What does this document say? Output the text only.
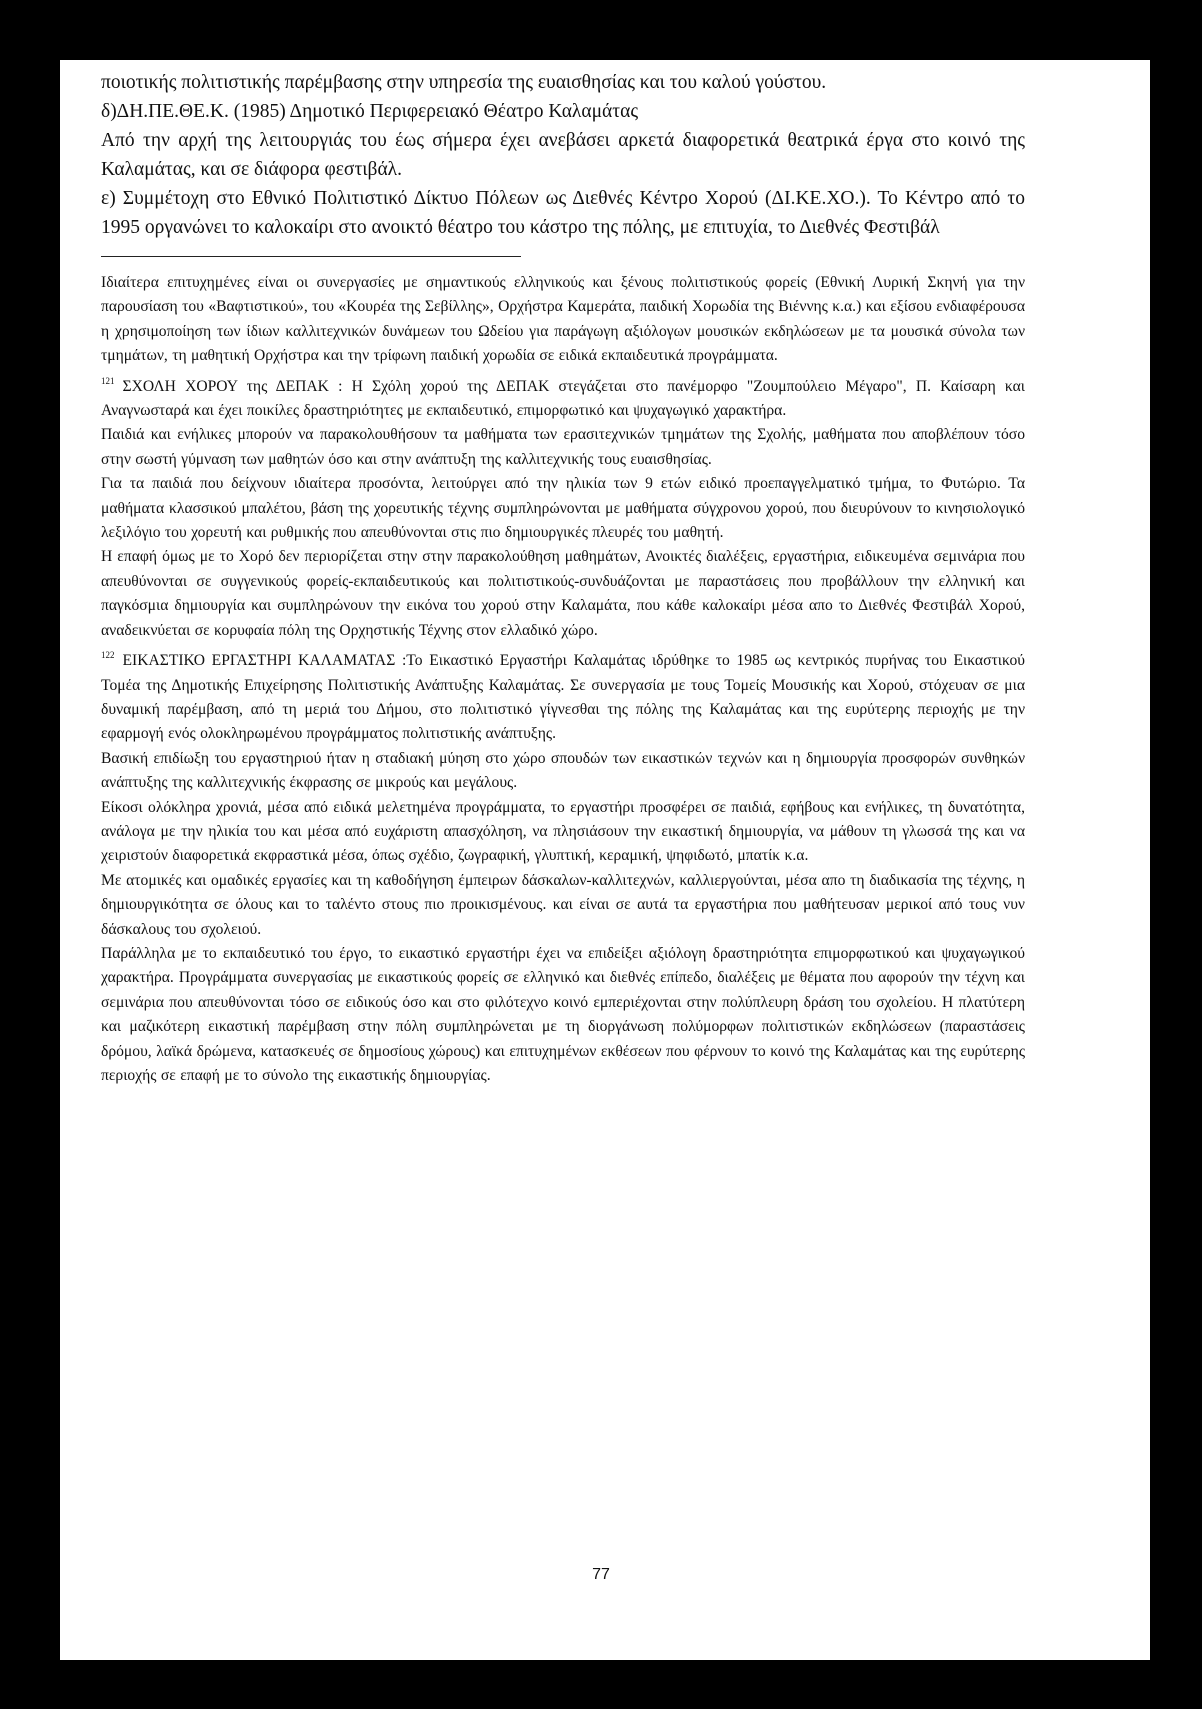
ποιοτικής πολιτιστικής παρέμβασης στην υπηρεσία της ευαισθησίας και του καλού γούστου.

δ)ΔΗ.ΠΕ.ΘΕ.Κ. (1985) Δημοτικό Περιφερειακό Θέατρο Καλαμάτας

Από την αρχή της λειτουργιάς του έως σήμερα έχει ανεβάσει αρκετά διαφορετικά θεατρικά έργα στο κοινό της Καλαμάτας, και σε διάφορα φεστιβάλ.

ε) Συμμέτοχη στο Εθνικό Πολιτιστικό Δίκτυο Πόλεων ως Διεθνές Κέντρο Χορού (ΔΙ.ΚΕ.ΧΟ.). Το Κέντρο από το 1995 οργανώνει το καλοκαίρι στο ανοικτό θέατρο του κάστρο της πόλης, με επιτυχία, το Διεθνές Φεστιβάλ

Ιδιαίτερα επιτυχημένες είναι οι συνεργασίες με σημαντικούς ελληνικούς και ξένους πολιτιστικούς φορείς (Εθνική Λυρική Σκηνή για την παρουσίαση του «Βαφτιστικού», του «Κουρέα της Σεβίλλης», Ορχήστρα Καμεράτα, παιδική Χορωδία της Βιέννης κ.α.) και εξίσου ενδιαφέρουσα η χρησιμοποίηση των ίδιων καλλιτεχνικών δυνάμεων του Ωδείου για παράγωγη αξιόλογων μουσικών εκδηλώσεων με τα μουσικά σύνολα των τμημάτων, τη μαθητική Ορχήστρα και την τρίφωνη παιδική χορωδία σε ειδικά εκπαιδευτικά προγράμματα.

$^{121}$ ΣΧΟΛΗ ΧΟΡΟΥ της ΔΕΠΑΚ : Η Σχόλη χορού της ΔΕΠΑΚ στεγάζεται στο πανέμορφο "Ζουμπούλειο Μέγαρο", Π. Καίσαρη και Αναγνωσταρά και έχει ποικίλες δραστηριότητες με εκπαιδευτικό, επιμορφωτικό και ψυχαγωγικό χαρακτήρα.

Παιδιά και ενήλικες μπορούν να παρακολουθήσουν τα μαθήματα των ερασιτεχνικών τμημάτων της Σχολής, μαθήματα που αποβλέπουν τόσο στην σωστή γύμναση των μαθητών όσο και στην ανάπτυξη της καλλιτεχνικής τους ευαισθησίας.

Για τα παιδιά που δείχνουν ιδιαίτερα προσόντα, λειτούργει από την ηλικία των 9 ετών ειδικό προεπαγγελματικό τμήμα, το Φυτώριο. Τα μαθήματα κλασσικού μπαλέτου, βάση της χορευτικής τέχνης συμπληρώνονται με μαθήματα σύγχρονου χορού, που διευρύνουν το κινησιολογικό λεξιλόγιο του χορευτή και ρυθμικής που απευθύνονται στις πιο δημιουργικές πλευρές του μαθητή.

Η επαφή όμως με το Χορό δεν περιορίζεται στην στην παρακολούθηση μαθημάτων, Ανοικτές διαλέξεις, εργαστήρια, ειδικευμένα σεμινάρια που απευθύνονται σε συγγενικούς φορείς-εκπαιδευτικούς και πολιτιστικούς-συνδυάζονται με παραστάσεις που προβάλλουν την ελληνική και παγκόσμια δημιουργία και συμπληρώνουν την εικόνα του χορού στην Καλαμάτα, που κάθε καλοκαίρι μέσα απο το Διεθνές Φεστιβάλ Χορού, αναδεικνύεται σε κορυφαία πόλη της Ορχηστικής Τέχνης στον ελλαδικό χώρο.

$^{122}$ ΕΙΚΑΣΤΙΚΟ ΕΡΓΑΣΤΗΡΙ ΚΑΛΑΜΑΤΑΣ :Το Εικαστικό Εργαστήρι Καλαμάτας ιδρύθηκε το 1985 ως κεντρικός πυρήνας του Εικαστικού Τομέα της Δημοτικής Επιχείρησης Πολιτιστικής Ανάπτυξης Καλαμάτας. Σε συνεργασία με τους Τομείς Μουσικής και Χορού, στόχευαν σε μια δυναμική παρέμβαση, από τη μεριά του Δήμου, στο πολιτιστικό γίγνεσθαι της πόλης της Καλαμάτας και της ευρύτερης περιοχής με την εφαρμογή ενός ολοκληρωμένου προγράμματος πολιτιστικής ανάπτυξης.

Βασική επιδίωξη του εργαστηριού ήταν η σταδιακή μύηση στο χώρο σπουδών των εικαστικών τεχνών και η δημιουργία προσφορών συνθηκών ανάπτυξης της καλλιτεχνικής έκφρασης σε μικρούς και μεγάλους.

Είκοσι ολόκληρα χρονιά, μέσα από ειδικά μελετημένα προγράμματα, το εργαστήρι προσφέρει σε παιδιά, εφήβους και ενήλικες, τη δυνατότητα, ανάλογα με την ηλικία του και μέσα από ευχάριστη απασχόληση, να πλησιάσουν την εικαστική δημιουργία, να μάθουν τη γλωσσά της και να χειριστούν διαφορετικά εκφραστικά μέσα, όπως σχέδιο, ζωγραφική, γλυπτική, κεραμική, ψηφιδωτό, μπατίκ κ.α.

Με ατομικές και ομαδικές εργασίες και τη καθοδήγηση έμπειρων δάσκαλων-καλλιτεχνών, καλλιεργούνται, μέσα απο τη διαδικασία της τέχνης, η δημιουργικότητα σε όλους και το ταλέντο στους πιο προικισμένους. και είναι σε αυτά τα εργαστήρια που μαθήτευσαν μερικοί από τους νυν δάσκαλους του σχολειού.

Παράλληλα με το εκπαιδευτικό του έργο, το εικαστικό εργαστήρι έχει να επιδείξει αξιόλογη δραστηριότητα επιμορφωτικού και ψυχαγωγικού χαρακτήρα. Προγράμματα συνεργασίας με εικαστικούς φορείς σε ελληνικό και διεθνές επίπεδο, διαλέξεις με θέματα που αφορούν την τέχνη και σεμινάρια που απευθύνονται τόσο σε ειδικούς όσο και στο φιλότεχνο κοινό εμπεριέχονται στην πολύπλευρη δράση του σχολείου. Η πλατύτερη και μαζικότερη εικαστική παρέμβαση στην πόλη συμπληρώνεται με τη διοργάνωση πολύμορφων πολιτιστικών εκδηλώσεων (παραστάσεις δρόμου, λαϊκά δρώμενα, κατασκευές σε δημοσίους χώρους) και επιτυχημένων εκθέσεων που φέρνουν το κοινό της Καλαμάτας και της ευρύτερης περιοχής σε επαφή με το σύνολο της εικαστικής δημιουργίας.

77
